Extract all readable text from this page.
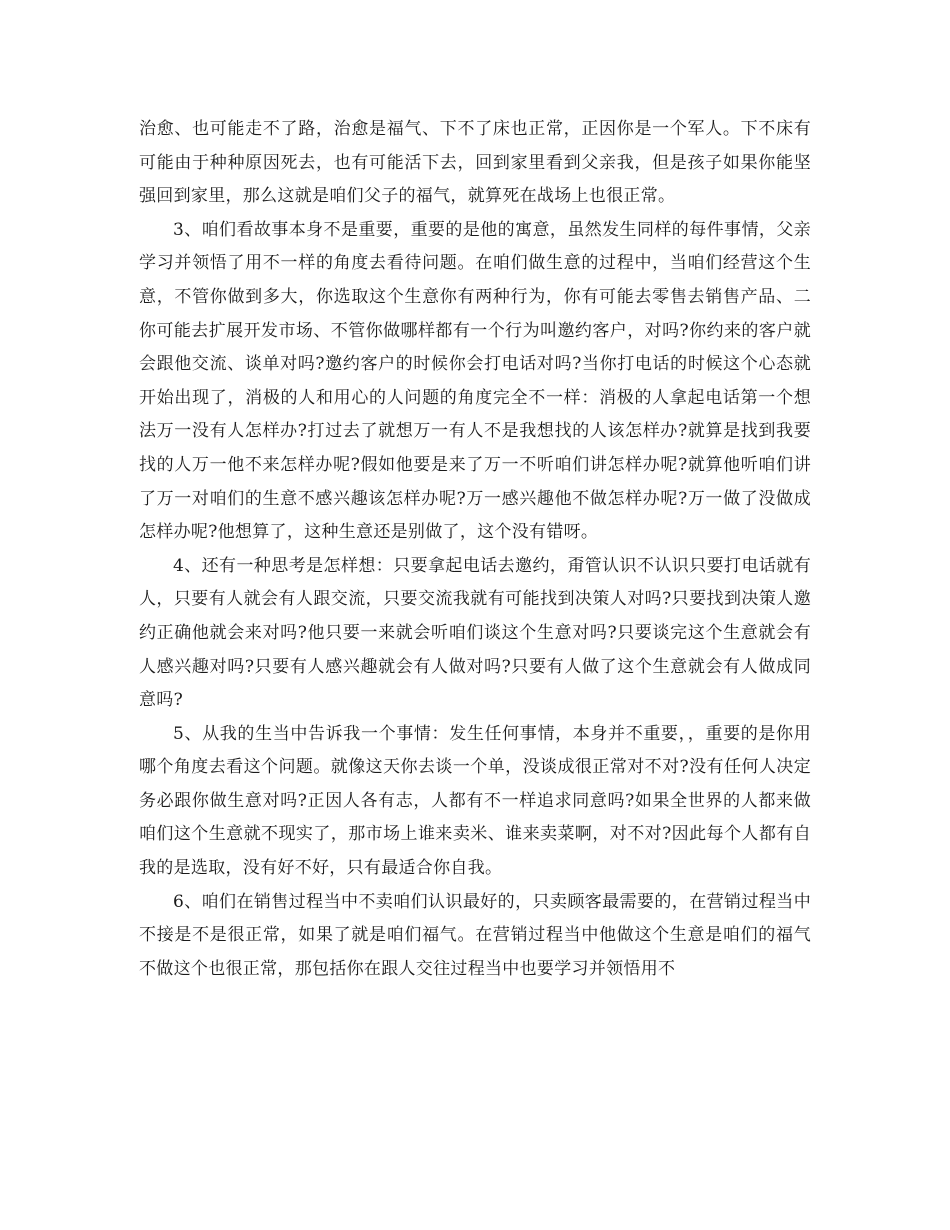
治愈、也可能走不了路，治愈是福气、下不了床也正常，正因你是一个军人。下不床有可能由于种种原因死去，也有可能活下去，回到家里看到父亲我，但是孩子如果你能坚强回到家里，那么这就是咱们父子的福气，就算死在战场上也很正常。

3、咱们看故事本身不是重要，重要的是他的寓意，虽然发生同样的每件事情，父亲学习并领悟了用不一样的角度去看待问题。在咱们做生意的过程中，当咱们经营这个生意，不管你做到多大，你选取这个生意你有两种行为，你有可能去零售去销售产品、二你可能去扩展开发市场、不管你做哪样都有一个行为叫邀约客户，对吗?你约来的客户就会跟他交流、谈单对吗?邀约客户的时候你会打电话对吗?当你打电话的时候这个心态就开始出现了，消极的人和用心的人问题的角度完全不一样：消极的人拿起电话第一个想法万一没有人怎样办?打过去了就想万一有人不是我想找的人该怎样办?就算是找到我要找的人万一他不来怎样办呢?假如他要是来了万一不听咱们讲怎样办呢?就算他听咱们讲了万一对咱们的生意不感兴趣该怎样办呢?万一感兴趣他不做怎样办呢?万一做了没做成怎样办呢?他想算了，这种生意还是别做了，这个没有错呀。

4、还有一种思考是怎样想：只要拿起电话去邀约，甭管认识不认识只要打电话就有人，只要有人就会有人跟交流，只要交流我就有可能找到决策人对吗?只要找到决策人邀约正确他就会来对吗?他只要一来就会听咱们谈这个生意对吗?只要谈完这个生意就会有人感兴趣对吗?只要有人感兴趣就会有人做对吗?只要有人做了这个生意就会有人做成同意吗?

5、从我的生当中告诉我一个事情：发生任何事情，本身并不重要，，重要的是你用哪个角度去看这个问题。就像这天你去谈一个单，没谈成很正常对不对?没有任何人决定务必跟你做生意对吗?正因人各有志，人都有不一样追求同意吗?如果全世界的人都来做咱们这个生意就不现实了，那市场上谁来卖米、谁来卖菜啊，对不对?因此每个人都有自我的是选取，没有好不好，只有最适合你自我。

6、咱们在销售过程当中不卖咱们认识最好的，只卖顾客最需要的，在营销过程当中不接是不是很正常，如果了就是咱们福气。在营销过程当中他做这个生意是咱们的福气不做这个也很正常，那包括你在跟人交往过程当中也要学习并领悟用不
